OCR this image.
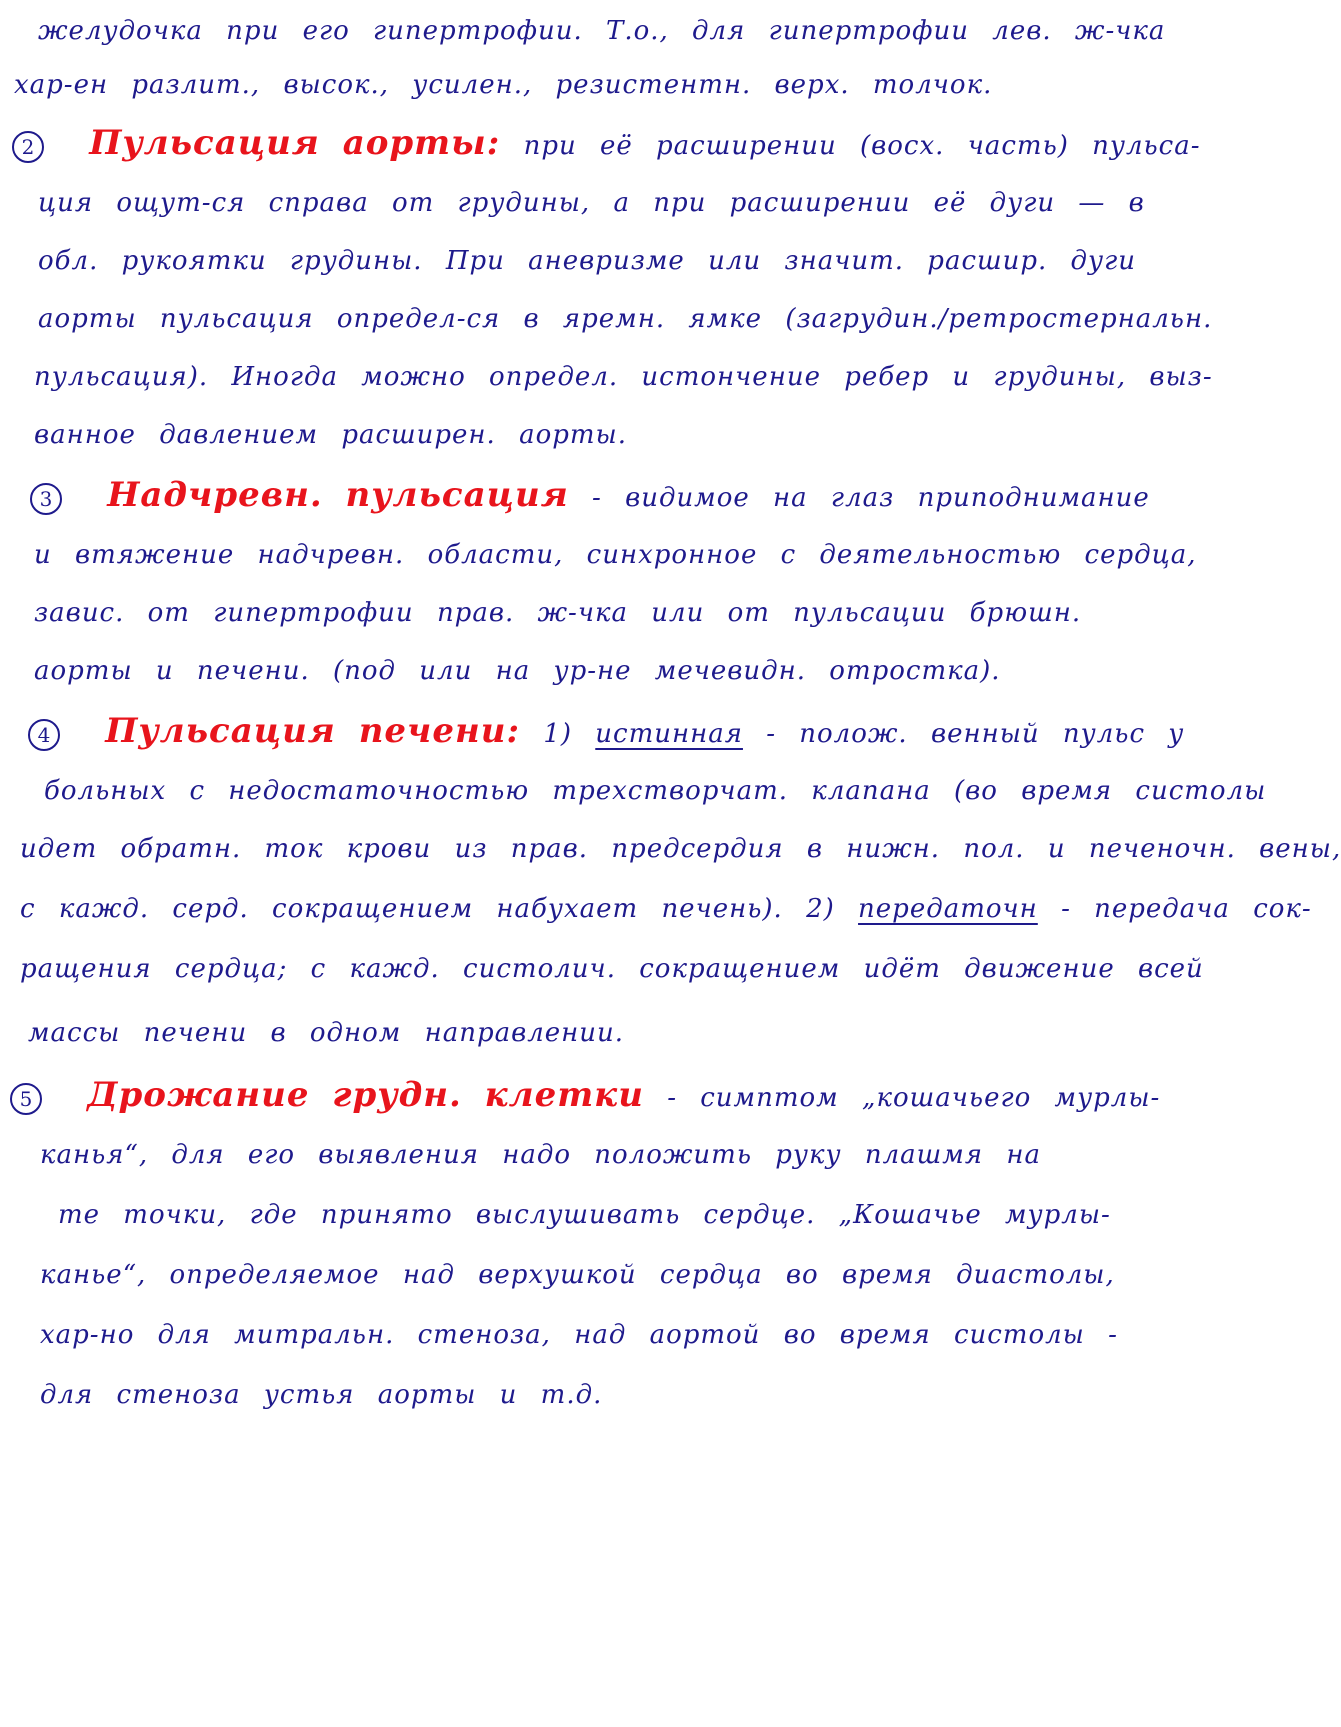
желудочка при его гипертрофии. Т.о., для гипертрофии лев. ж-чка
хар-ен разлит., высок., усилен., резистентн. верх. толчок.
2 Пульсация аорты: при её расширении (восх. часть) пульса-
ция ощут-ся справа от грудины, а при расширении её дуги — в
обл. рукоятки грудины. При аневризме или значит. расшир. дуги
аорты пульсация определ-ся в яремн. ямке (загрудин./ретростернальн.
пульсация). Иногда можно определ. истончение ребер и грудины, выз-
ванное давлением расширен. аорты.
3 Надчревн. пульсация - видимое на глаз приподнимание
и втяжение надчревн. области, синхронное с деятельностью сердца,
завис. от гипертрофии прав. ж-чка или от пульсации брюшн.
аорты и печени. (под или на ур-не мечевидн. отростка).
4 Пульсация печени: 1) истинная - полож. венный пульс у
больных с недостаточностью трехстворчат. клапана (во время систолы
идет обратн. ток крови из прав. предсердия в нижн. пол. и печеночн. вены,
с кажд. серд. сокращением набухает печень). 2) передаточн - передача сок-
ращения сердца; с кажд. систолич. сокращением идёт движение всей
массы печени в одном направлении.
5 Дрожание грудн. клетки - симптом „кошачьего мурлы-
канья“, для его выявления надо положить руку плашмя на
те точки, где принято выслушивать сердце. „Кошачье мурлы-
канье“, определяемое над верхушкой сердца во время диастолы,
хар-но для митральн. стеноза, над аортой во время систолы -
для стеноза устья аорты и т.д.
